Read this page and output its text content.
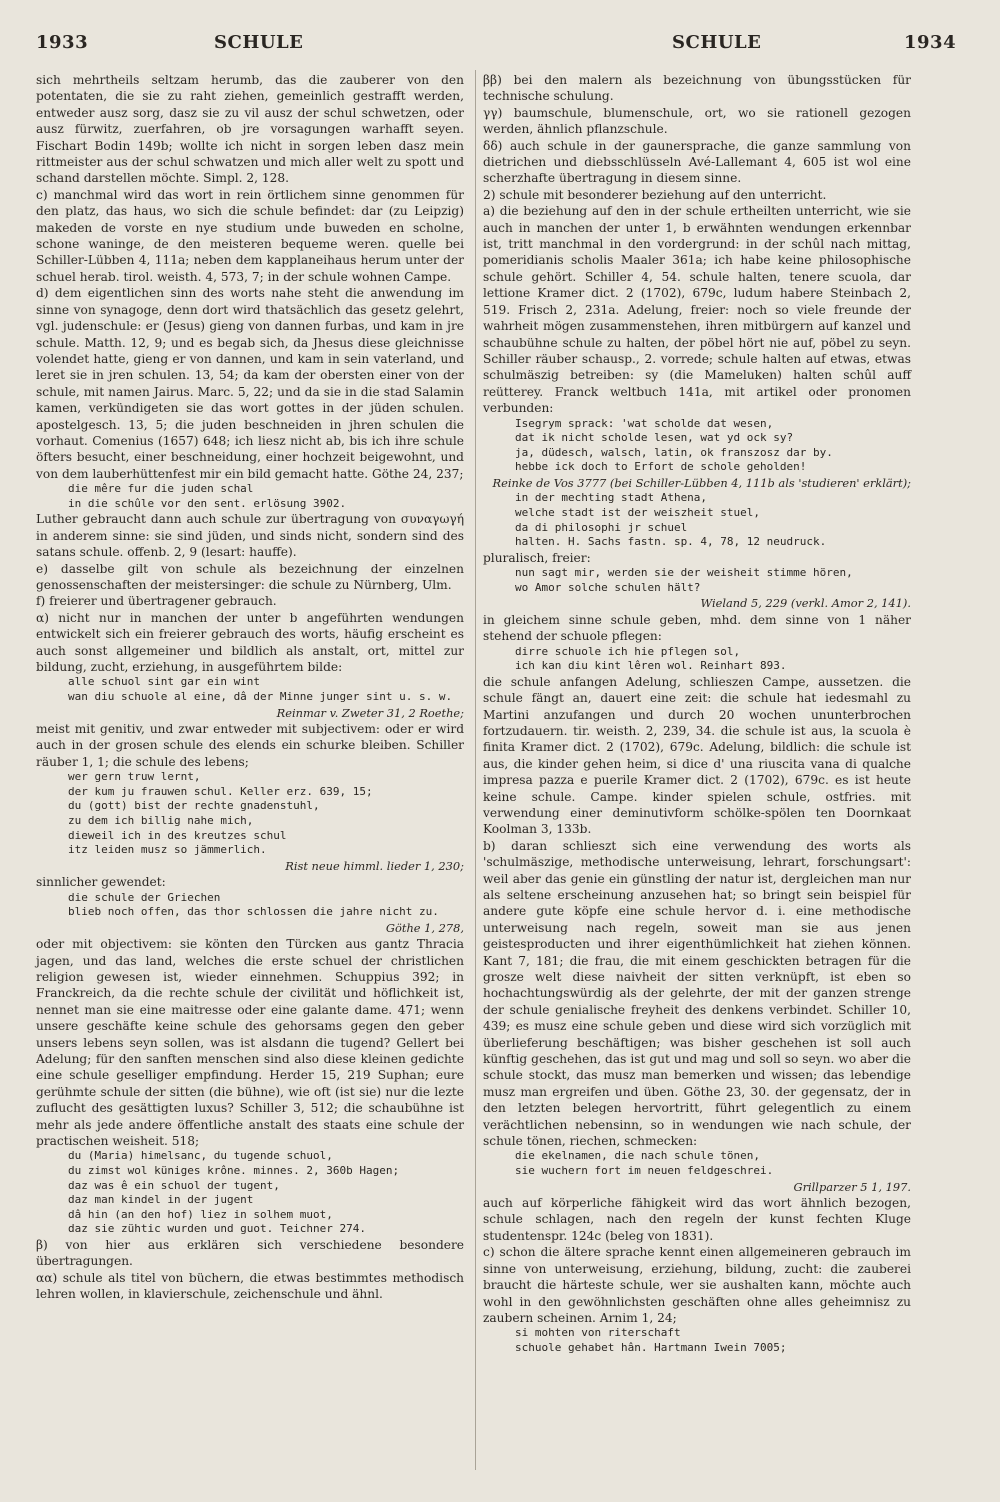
1933	SCHULE	SCHULE	1934

sich mehrtheils seltzam herumb, das die zauberer von den potentaten, die sie zu raht ziehen, gemeinlich gestrafft werden, entweder ausz sorg, dasz sie zu vil ausz der schul schwetzen, oder ausz fürwitz, zuerfahren, ob jre vorsagungen warhafft seyen. Fischart Bodin 149b; wollte ich nicht in sorgen leben dasz mein rittmeister aus der schul schwatzen und mich aller welt zu spott und schand darstellen möchte. Simpl. 2, 128.

c) manchmal wird das wort in rein örtlichem sinne genommen für den platz, das haus, wo sich die schule befindet: dar (zu Leipzig) makeden de vorste en nye studium unde buweden en scholne, schone waninge, de den meisteren bequeme weren. quelle bei Schiller-Lübben 4, 111a; neben dem kapplaneihaus herum unter der schuel herab. tirol. weisth. 4, 573, 7; in der schule wohnen Campe.

d) dem eigentlichen sinn des worts nahe steht die anwendung im sinne von synagoge, denn dort wird thatsächlich das gesetz gelehrt, vgl. judenschule: er (Jesus) gieng von dannen furbas, und kam in jre schule. Matth. 12, 9; und es begab sich, da Jhesus diese gleichnisse volendet hatte, gieng er von dannen, und kam in sein vaterland, und leret sie in jren schulen. 13, 54; da kam der obersten einer von der schule, mit namen Jairus. Marc. 5, 22; und da sie in die stad Salamin kamen, verkündigeten sie das wort gottes in der jüden schulen. apostelgesch. 13, 5; die juden beschneiden in jhren schulen die vorhaut. Comenius (1657) 648; ich liesz nicht ab, bis ich ihre schule öfters besucht, einer beschneidung, einer hochzeit beigewohnt, und von dem lauberhüttenfest mir ein bild gemacht hatte. Göthe 24, 237;

die mêre fur die juden schal
in die schûle vor den sent. erlösung 3902.

Luther gebraucht dann auch schule zur übertragung von συναγωγή in anderem sinne: sie sind jüden, und sinds nicht, sondern sind des satans schule. offenb. 2, 9 (lesart: hauffe).

e) dasselbe gilt von schule als bezeichnung der einzelnen genossenschaften der meistersinger: die schule zu Nürnberg, Ulm.

f) freierer und übertragener gebrauch.

α) nicht nur in manchen der unter b angeführten wendungen entwickelt sich ein freierer gebrauch des worts, häufig erscheint es auch sonst allgemeiner und bildlich als anstalt, ort, mittel zur bildung, zucht, erziehung, in ausgeführtem bilde:

alle schuol sint gar ein wint
wan diu schuole al eine, dâ der Minne junger sint u. s. w.

Reinmar v. Zweter 31, 2 Roethe;

meist mit genitiv, und zwar entweder mit subjectivem: oder er wird auch in der grosen schule des elends ein schurke bleiben. Schiller räuber 1, 1; die schule des lebens;

wer gern truw lernt,
der kum ju frauwen schul. Keller erz. 639, 15;
du (gott) bist der rechte gnadenstuhl,
zu dem ich billig nahe mich,
dieweil ich in des kreutzes schul
itz leiden musz so jämmerlich.

Rist neue himml. lieder 1, 230;

sinnlicher gewendet:

die schule der Griechen
blieb noch offen, das thor schlossen die jahre nicht zu.

Göthe 1, 278,

oder mit objectivem: sie könten den Türcken aus gantz Thracia jagen, und das land, welches die erste schuel der christlichen religion gewesen ist, wieder einnehmen. Schuppius 392; in Franckreich, da die rechte schule der civilität und höflichkeit ist, nennet man sie eine maitresse oder eine galante dame. 471; wenn unsere geschäfte keine schule des gehorsams gegen den geber unsers lebens seyn sollen, was ist alsdann die tugend? Gellert bei Adelung; für den sanften menschen sind also diese kleinen gedichte eine schule geselliger empfindung. Herder 15, 219 Suphan; eure gerühmte schule der sitten (die bühne), wie oft (ist sie) nur die lezte zuflucht des gesättigten luxus? Schiller 3, 512; die schaubühne ist mehr als jede andere öffentliche anstalt des staats eine schule der practischen weisheit. 518;

du (Maria) himelsanc, du tugende schuol,
du zimst wol küniges krône. minnes. 2, 360b Hagen;
daz was ê ein schuol der tugent,
daz man kindel in der jugent
dâ hin (an den hof) liez in solhem muot,
daz sie zühtic wurden und guot. Teichner 274.

β) von hier aus erklären sich verschiedene besondere übertragungen.

αα) schule als titel von büchern, die etwas bestimmtes methodisch lehren wollen, in klavierschule, zeichenschule und ähnl.

ββ) bei den malern als bezeichnung von übungsstücken für technische schulung.

γγ) baumschule, blumenschule, ort, wo sie rationell gezogen werden, ähnlich pflanzschule.

δδ) auch schule in der gaunersprache, die ganze sammlung von dietrichen und diebsschlüsseln Avé-Lallemant 4, 605 ist wol eine scherzhafte übertragung in diesem sinne.

2) schule mit besonderer beziehung auf den unterricht.

a) die beziehung auf den in der schule ertheilten unterricht, wie sie auch in manchen der unter 1, b erwähnten wendungen erkennbar ist, tritt manchmal in den vordergrund: in der schûl nach mittag, pomeridianis scholis Maaler 361a; ich habe keine philosophische schule gehört. Schiller 4, 54. schule halten, tenere scuola, dar lettione Kramer dict. 2 (1702), 679c, ludum habere Steinbach 2, 519. Frisch 2, 231a. Adelung, freier: noch so viele freunde der wahrheit mögen zusammenstehen, ihren mitbürgern auf kanzel und schaubühne schule zu halten, der pöbel hört nie auf, pöbel zu seyn. Schiller räuber schausp., 2. vorrede; schule halten auf etwas, etwas schulmäszig betreiben: sy (die Mameluken) halten schûl auff reütterey. Franck weltbuch 141a, mit artikel oder pronomen verbunden:

Isegrym sprack: 'wat scholde dat wesen,
dat ik nicht scholde lesen, wat yd ock sy?
ja, düdesch, walsch, latin, ok franszosz dar by.
hebbe ick doch to Erfort de schole geholden!

Reinke de Vos 3777 (bei Schiller-Lübben 4, 111b als 'studieren' erklärt);

in der mechting stadt Athena,
welche stadt ist der weiszheit stuel,
da di philosophi jr schuel
halten. H. Sachs fastn. sp. 4, 78, 12 neudruck.

pluralisch, freier:

nun sagt mir, werden sie der weisheit stimme hören,
wo Amor solche schulen hält?

Wieland 5, 229 (verkl. Amor 2, 141).

in gleichem sinne schule geben, mhd. dem sinne von 1 näher stehend der schuole pflegen:

dirre schuole ich hie pflegen sol,
ich kan diu kint lêren wol. Reinhart 893.

die schule anfangen Adelung, schlieszen Campe, aussetzen. die schule fängt an, dauert eine zeit: die schule hat iedesmahl zu Martini anzufangen und durch 20 wochen ununterbrochen fortzudauern. tir. weisth. 2, 239, 34. die schule ist aus, la scuola è finita Kramer dict. 2 (1702), 679c. Adelung, bildlich: die schule ist aus, die kinder gehen heim, si dice d' una riuscita vana di qualche impresa pazza e puerile Kramer dict. 2 (1702), 679c. es ist heute keine schule. Campe. kinder spielen schule, ostfries. mit verwendung einer deminutivform schölke-spölen ten Doornkaat Koolman 3, 133b.

b) daran schlieszt sich eine verwendung des worts als 'schulmäszige, methodische unterweisung, lehrart, forschungsart': weil aber das genie ein günstling der natur ist, dergleichen man nur als seltene erscheinung anzusehen hat; so bringt sein beispiel für andere gute köpfe eine schule hervor d. i. eine methodische unterweisung nach regeln, soweit man sie aus jenen geistesproducten und ihrer eigenthümlichkeit hat ziehen können. Kant 7, 181; die frau, die mit einem geschickten betragen für die grosze welt diese naivheit der sitten verknüpft, ist eben so hochachtungswürdig als der gelehrte, der mit der ganzen strenge der schule genialische freyheit des denkens verbindet. Schiller 10, 439; es musz eine schule geben und diese wird sich vorzüglich mit überlieferung beschäftigen; was bisher geschehen ist soll auch künftig geschehen, das ist gut und mag und soll so seyn. wo aber die schule stockt, das musz man bemerken und wissen; das lebendige musz man ergreifen und üben. Göthe 23, 30. der gegensatz, der in den letzten belegen hervortritt, führt gelegentlich zu einem verächtlichen nebensinn, so in wendungen wie nach schule, der schule tönen, riechen, schmecken:

die ekelnamen, die nach schule tönen,
sie wuchern fort im neuen feldgeschrei.

Grillparzer 5 1, 197.

auch auf körperliche fähigkeit wird das wort ähnlich bezogen, schule schlagen, nach den regeln der kunst fechten Kluge studentenspr. 124c (beleg von 1831).

c) schon die ältere sprache kennt einen allgemeineren gebrauch im sinne von unterweisung, erziehung, bildung, zucht: die zauberei braucht die härteste schule, wer sie aushalten kann, möchte auch wohl in den gewöhnlichsten geschäften ohne alles geheimnisz zu zaubern scheinen. Arnim 1, 24;

si mohten von riterschaft
schuole gehabet hân. Hartmann Iwein 7005;
